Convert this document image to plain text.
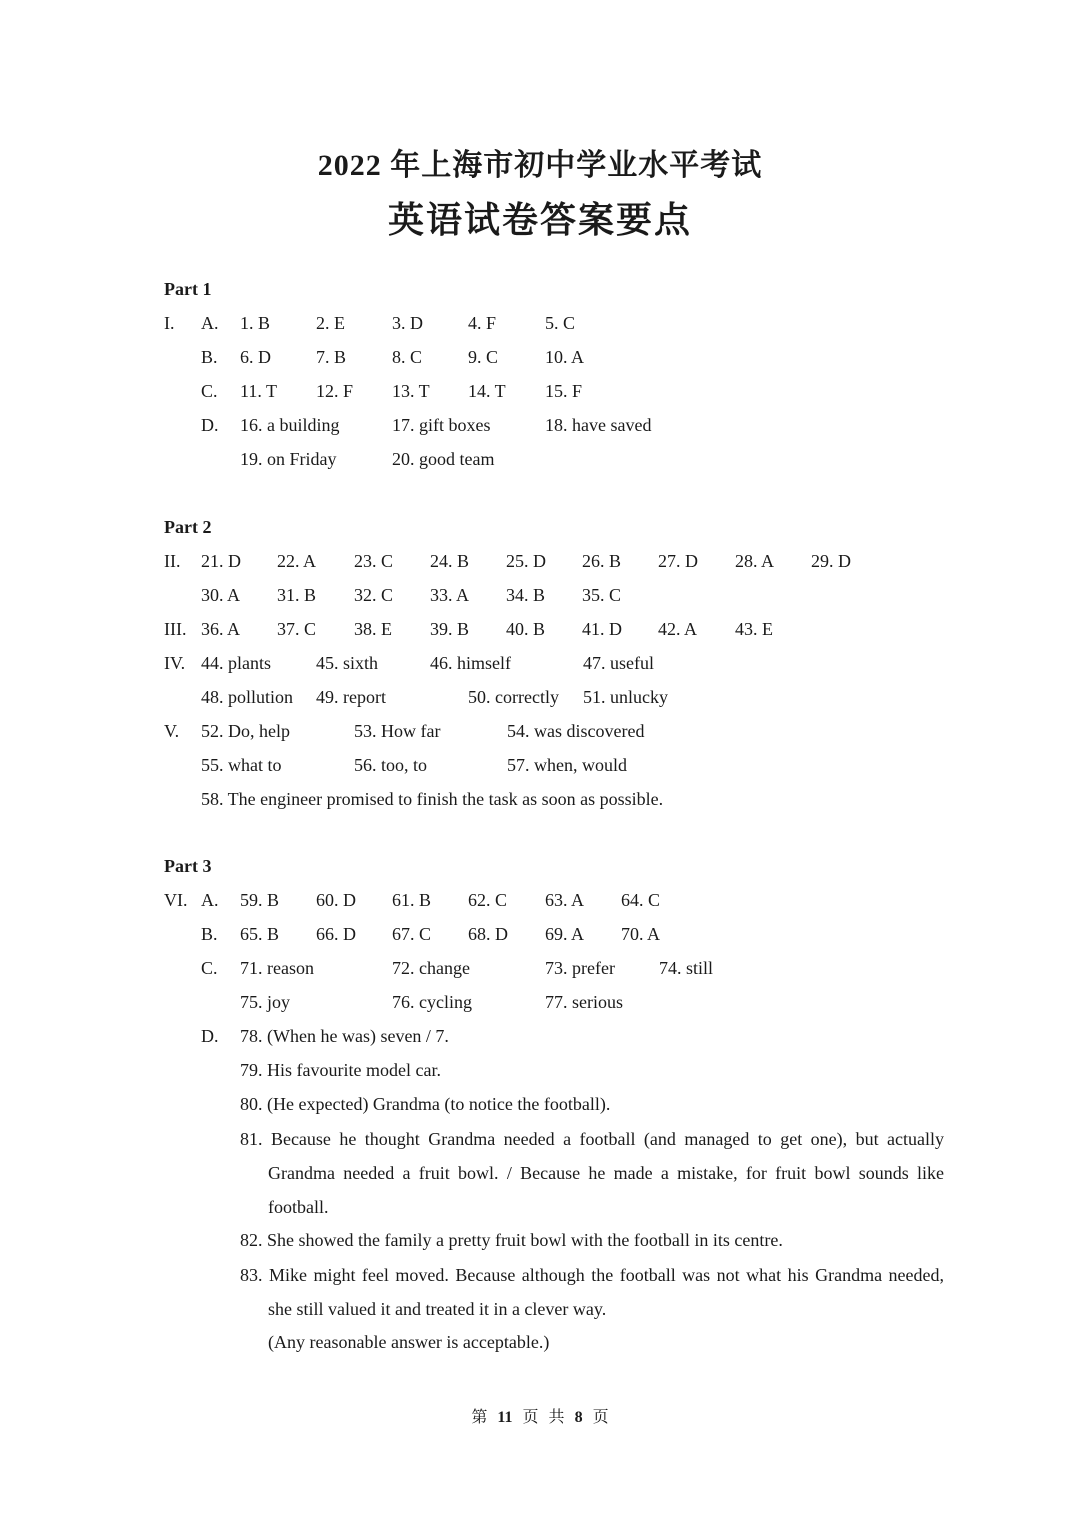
2022 年上海市初中学业水平考试
英语试卷答案要点
Part 1
I. A. 1. B	2. E	3. D	4. F	5. C
B. 6. D	7. B	8. C	9. C	10. A
C. 11. T 12. F 13. T 14. T 15. F
D. 16. a building	17. gift boxes	18. have saved
19. on Friday	20. good team
Part 2
II. 21. D 22. A 23. C 24. B 25. D 26. B 27. D 28. A 29. D
30. A 31. B 32. C 33. A 34. B 35. C
III. 36. A 37. C 38. E 39. B 40. B 41. D 42. A 43. E
IV. 44. plants	45. sixth	46. himself	47. useful
48. pollution 49. report	50. correctly 51. unlucky
V. 52. Do, help	53. How far	54. was discovered
55. what to	56. too, to	57. when, would
58. The engineer promised to finish the task as soon as possible.
Part 3
VI. A. 59. B 60. D 61. B 62. C 63. A 64. C
B. 65. B 66. D 67. C 68. D 69. A 70. A
C. 71. reason	72. change	73. prefer 74. still
75. joy	76. cycling	77. serious
D. 78. (When he was) seven / 7.
79. His favourite model car.
80. (He expected) Grandma (to notice the football).
81. Because he thought Grandma needed a football (and managed to get one), but actually Grandma needed a fruit bowl. / Because he made a mistake, for fruit bowl sounds like football.
82. She showed the family a pretty fruit bowl with the football in its centre.
83. Mike might feel moved. Because although the football was not what his Grandma needed, she still valued it and treated it in a clever way.
(Any reasonable answer is acceptable.)
第 11 页 共 8 页
